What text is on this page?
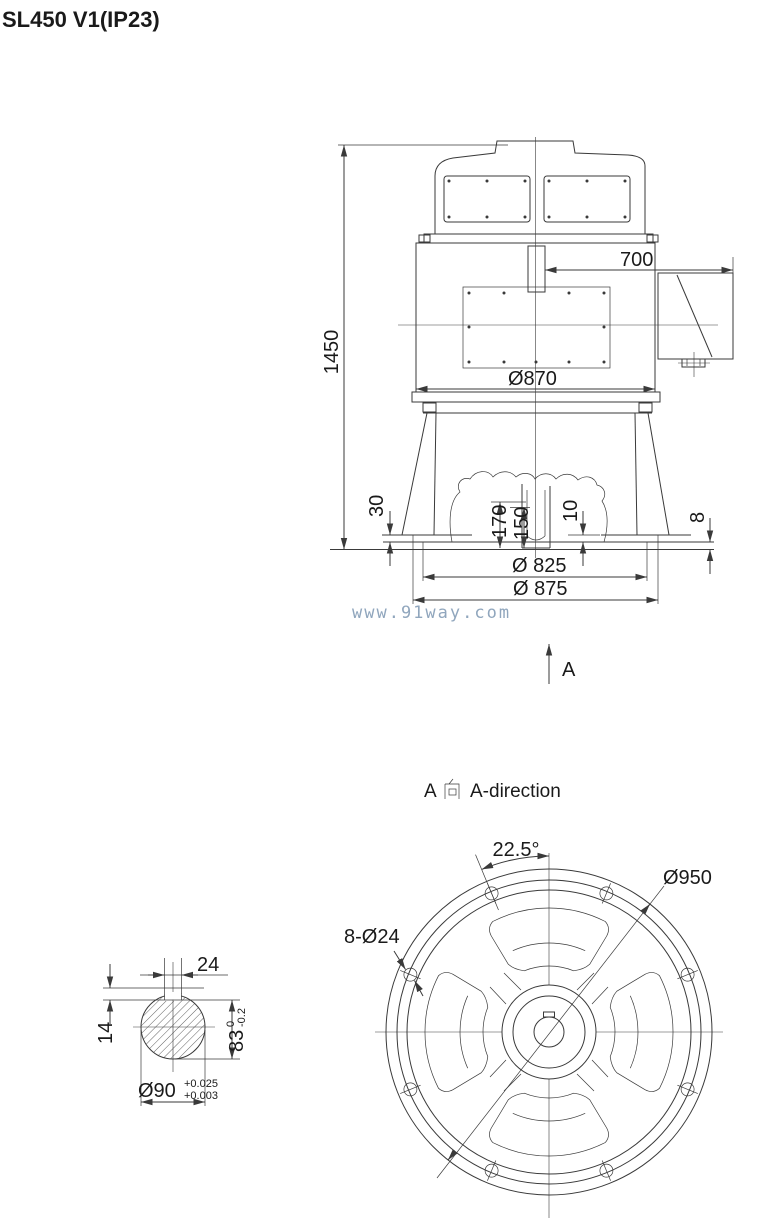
SL450 V1(IP23)
1450
700
Ø870
30	170 150 10	8
Ø 825
Ø 875
A
www.91way.com
A A-direction
22.5°
Ø950
8-Ø24
24
14	83
0 -0.2
Ø90 +0.025
+0.003
